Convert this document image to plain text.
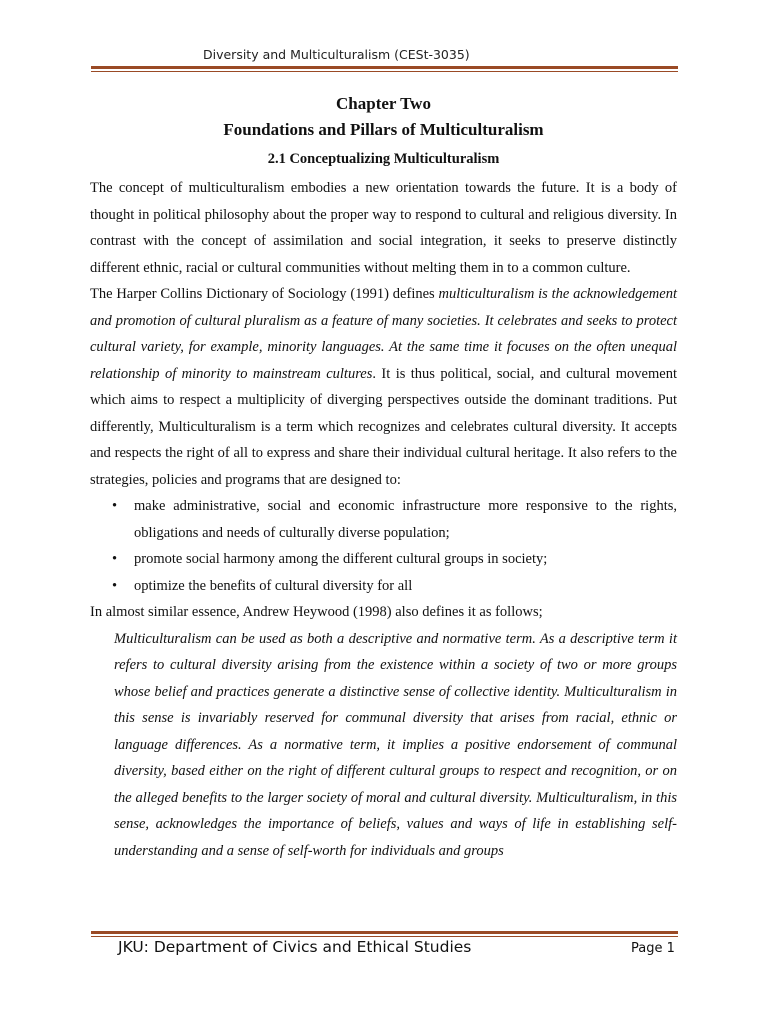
Diversity and Multiculturalism (CESt-3035)
Chapter Two
Foundations and Pillars of Multiculturalism
2.1 Conceptualizing Multiculturalism

The concept of multiculturalism embodies a new orientation towards the future. It is a body of thought in political philosophy about the proper way to respond to cultural and religious diversity. In contrast with the concept of assimilation and social integration, it seeks to preserve distinctly different ethnic, racial or cultural communities without melting them in to a common culture.

The Harper Collins Dictionary of Sociology (1991) defines multiculturalism is the acknowledgement and promotion of cultural pluralism as a feature of many societies. It celebrates and seeks to protect cultural variety, for example, minority languages. At the same time it focuses on the often unequal relationship of minority to mainstream cultures. It is thus political, social, and cultural movement which aims to respect a multiplicity of diverging perspectives outside the dominant traditions. Put differently, Multiculturalism is a term which recognizes and celebrates cultural diversity. It accepts and respects the right of all to express and share their individual cultural heritage. It also refers to the strategies, policies and programs that are designed to:

• make administrative, social and economic infrastructure more responsive to the rights, obligations and needs of culturally diverse population;
• promote social harmony among the different cultural groups in society;
• optimize the benefits of cultural diversity for all

In almost similar essence, Andrew Heywood (1998) also defines it as follows;

Multiculturalism can be used as both a descriptive and normative term. As a descriptive term it refers to cultural diversity arising from the existence within a society of two or more groups whose belief and practices generate a distinctive sense of collective identity. Multiculturalism in this sense is invariably reserved for communal diversity that arises from racial, ethnic or language differences. As a normative term, it implies a positive endorsement of communal diversity, based either on the right of different cultural groups to respect and recognition, or on the alleged benefits to the larger society of moral and cultural diversity. Multiculturalism, in this sense, acknowledges the importance of beliefs, values and ways of life in establishing self-understanding and a sense of self-worth for individuals and groups

JKU: Department of Civics and Ethical Studies	Page 1
